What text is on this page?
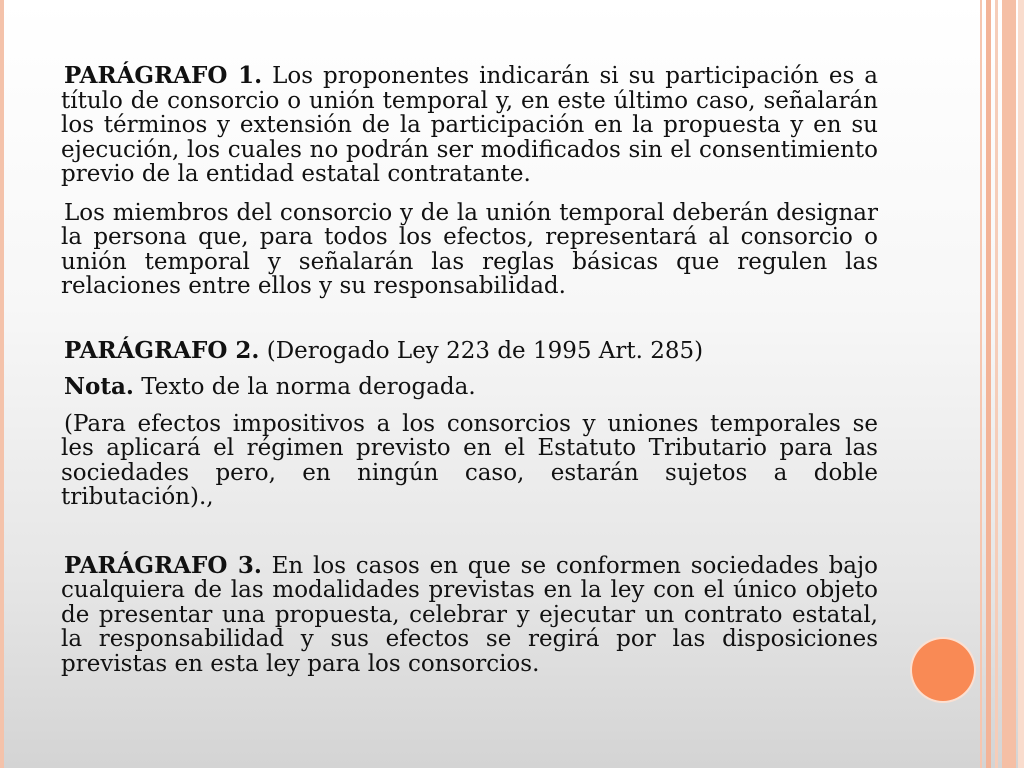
PARÁGRAFO 1. Los proponentes indicarán si su participación es a título de consorcio o unión temporal y, en este último caso, señalarán los términos y extensión de la participación en la propuesta y en su ejecución, los cuales no podrán ser modificados sin el consentimiento previo de la entidad estatal contratante.

Los miembros del consorcio y de la unión temporal deberán designar la persona que, para todos los efectos, representará al consorcio o unión temporal y señalarán las reglas básicas que regulen las relaciones entre ellos y su responsabilidad.

PARÁGRAFO 2. (Derogado Ley 223 de 1995 Art. 285)

Nota. Texto de la norma derogada.

(Para efectos impositivos a los consorcios y uniones temporales se les aplicará el régimen previsto en el Estatuto Tributario para las sociedades pero, en ningún caso, estarán sujetos a doble tributación).,

PARÁGRAFO 3. En los casos en que se conformen sociedades bajo cualquiera de las modalidades previstas en la ley con el único objeto de presentar una propuesta, celebrar y ejecutar un contrato estatal, la responsabilidad y sus efectos se regirá por las disposiciones previstas en esta ley para los consorcios.
